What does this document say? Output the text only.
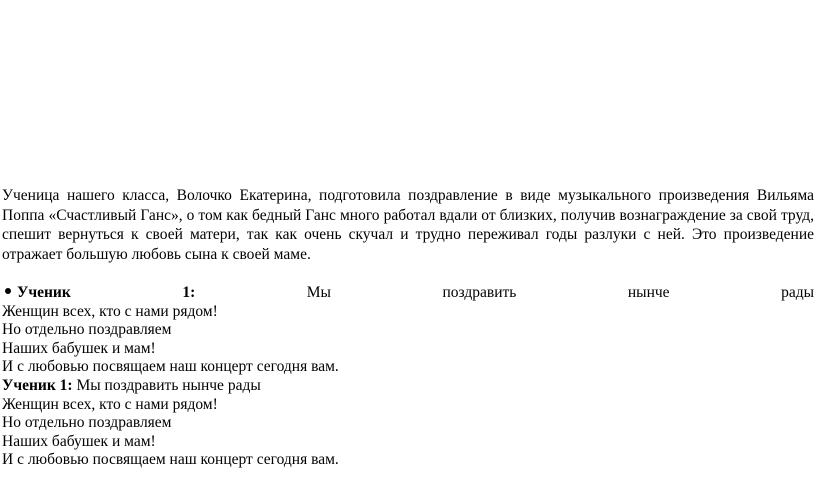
Ученица нашего класса, Волочко Екатерина, подготовила поздравление в виде музыкального произведения Вильяма Поппа «Счастливый Ганс», о том как бедный Ганс много работал вдали от близких, получив вознаграждение за свой труд, спешит вернуться к своей матери, так как очень скучал и трудно переживал годы разлуки с ней. Это произведение отражает большую любовь сына к своей маме.

Ученик	1:	Мы	поздравить	нынче	рады

Женщин всех, кто с нами рядом!

Но отдельно поздравляем

Наших бабушек и мам!

И с любовью посвящаем наш концерт сегодня вам.

Ученик 1: Мы поздравить нынче рады

Женщин всех, кто с нами рядом!

Но отдельно поздравляем

Наших бабушек и мам!

И с любовью посвящаем наш концерт сегодня вам.
